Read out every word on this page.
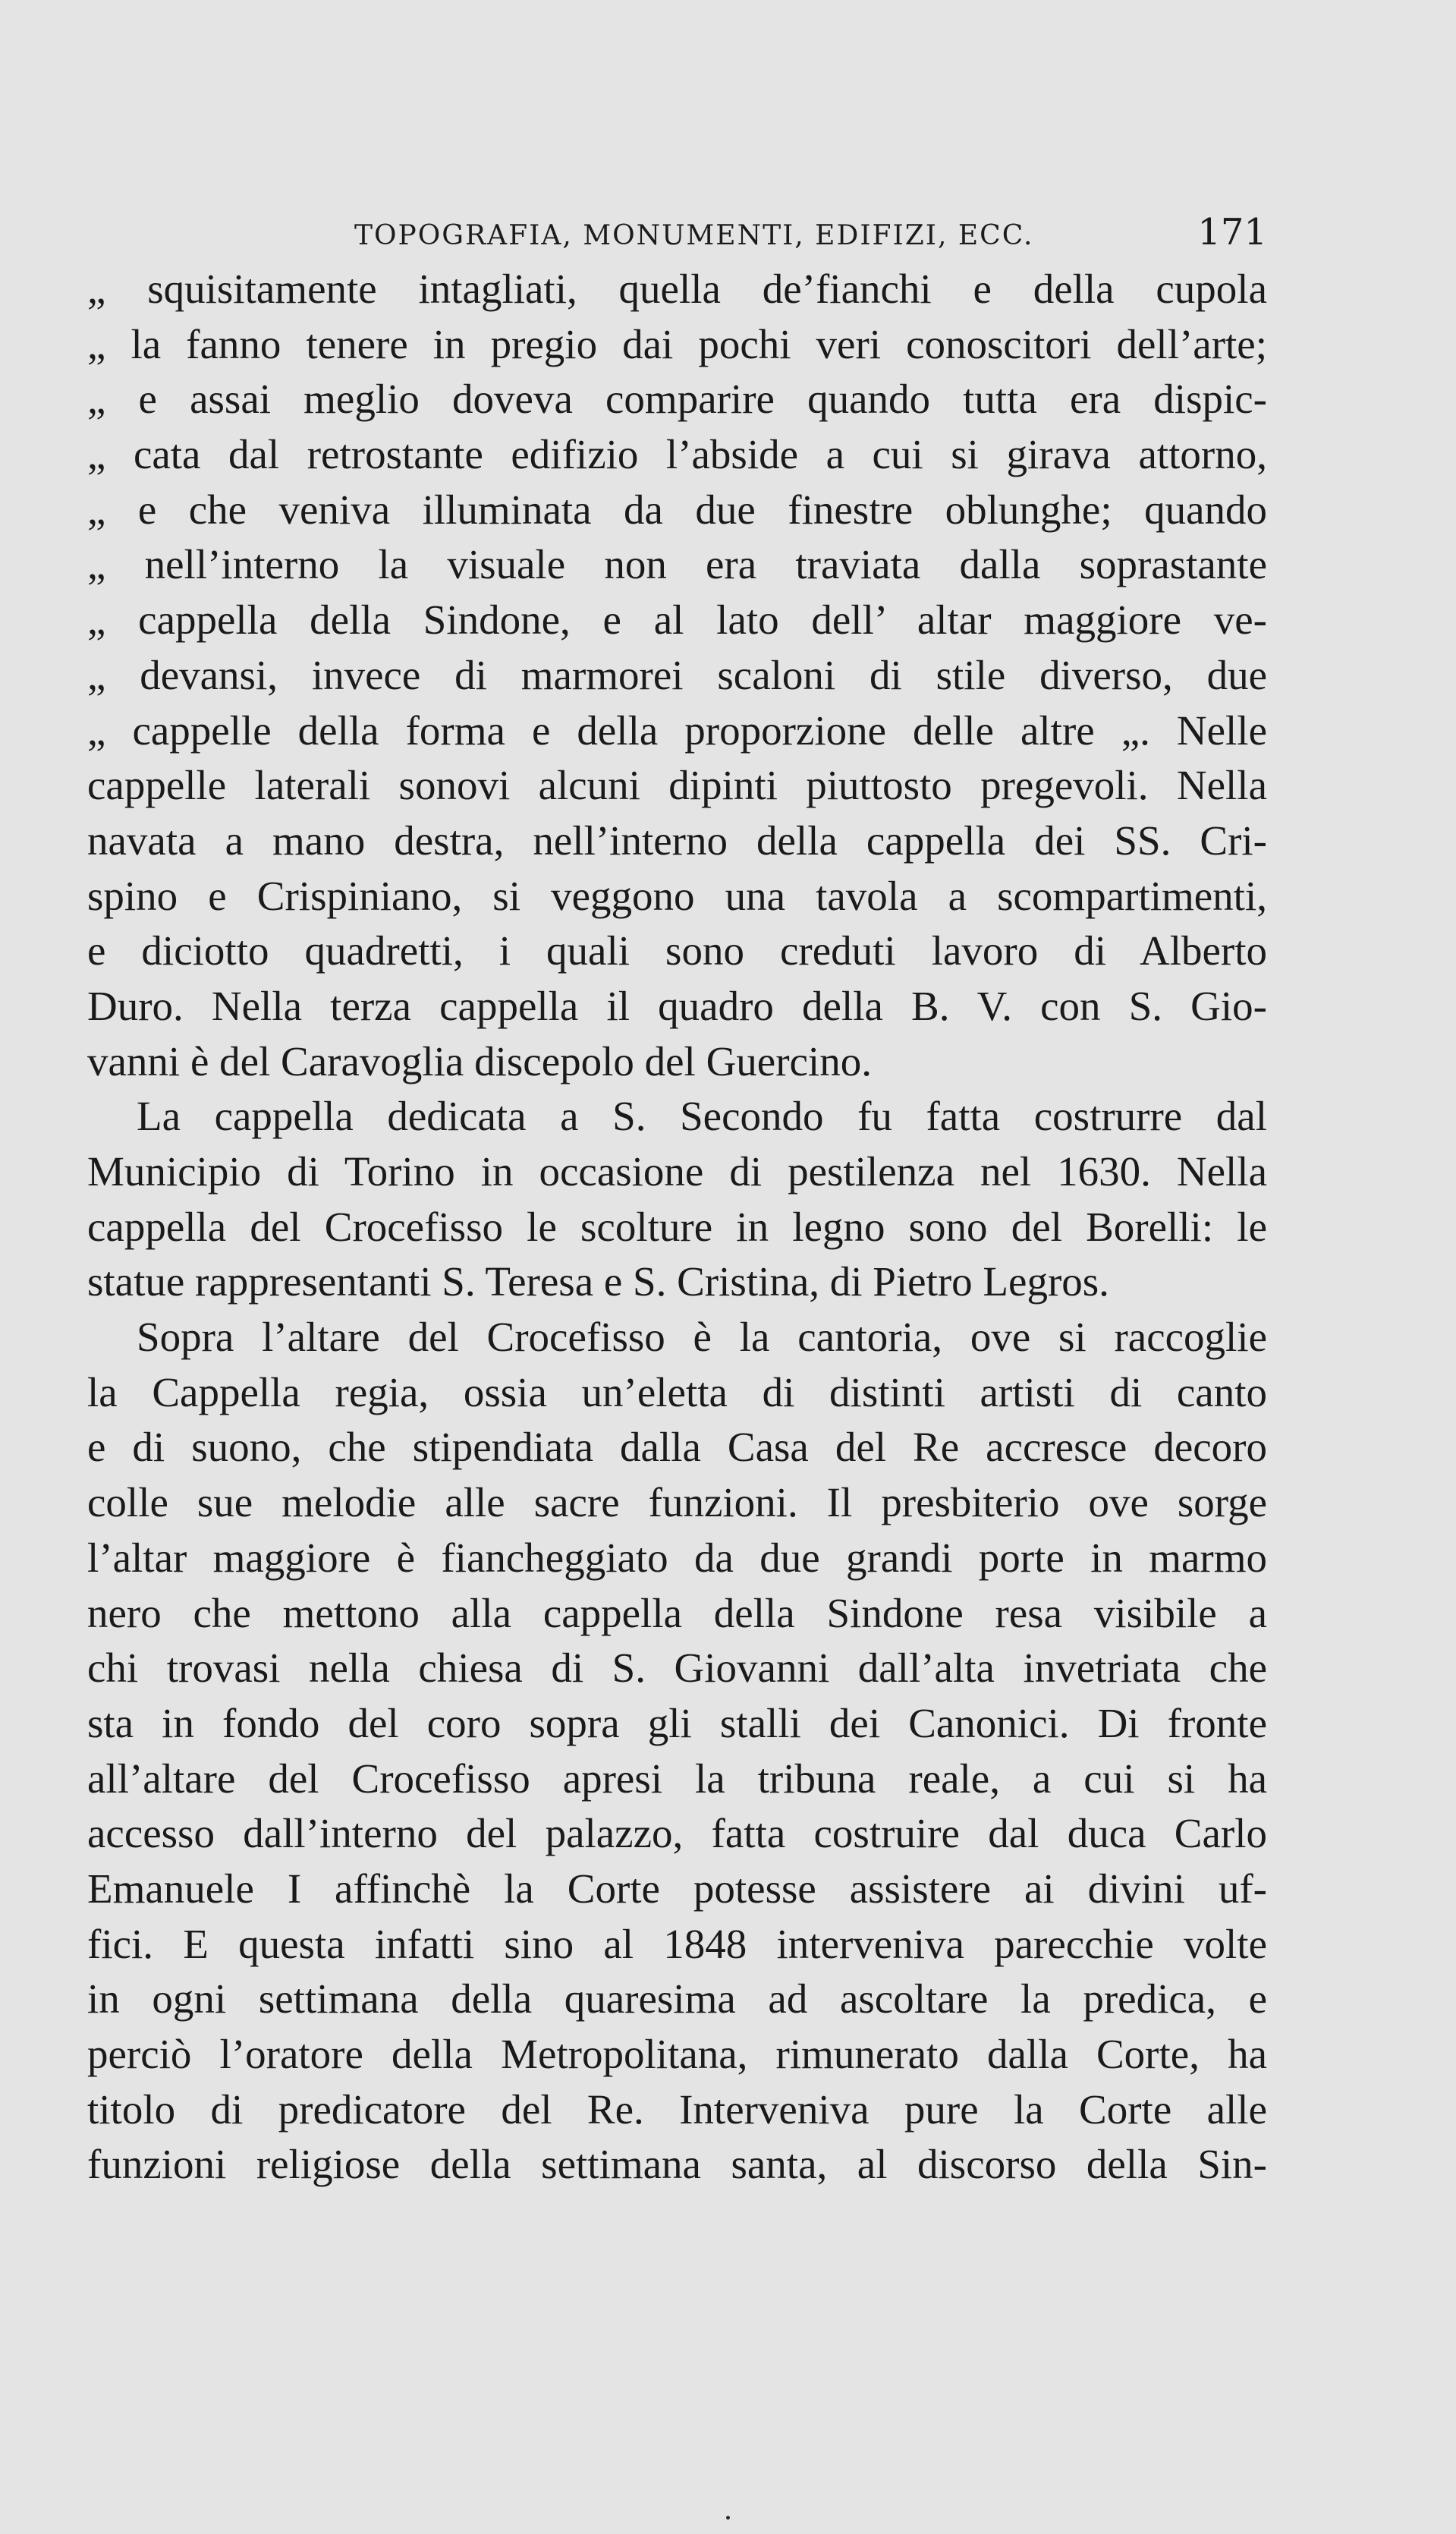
TOPOGRAFIA, MONUMENTI, EDIFIZI, ECC.	171
„ squisitamente intagliati, quella de’fianchi e della cupola
„ la fanno tenere in pregio dai pochi veri conoscitori dell’arte;
„ e assai meglio doveva comparire quando tutta era dispic-
„ cata dal retrostante edifizio l’abside a cui si girava attorno,
„ e che veniva illuminata da due finestre oblunghe; quando
„ nell’interno la visuale non era traviata dalla soprastante
„ cappella della Sindone, e al lato dell’ altar maggiore ve-
„ devansi, invece di marmorei scaloni di stile diverso, due
„ cappelle della forma e della proporzione delle altre „. Nelle
cappelle laterali sonovi alcuni dipinti piuttosto pregevoli. Nella
navata a mano destra, nell’interno della cappella dei SS. Cri-
spino e Crispiniano, si veggono una tavola a scompartimenti,
e diciotto quadretti, i quali sono creduti lavoro di Alberto
Duro. Nella terza cappella il quadro della B. V. con S. Gio-
vanni è del Caravoglia discepolo del Guercino.
La cappella dedicata a S. Secondo fu fatta costrurre dal
Municipio di Torino in occasione di pestilenza nel 1630. Nella
cappella del Crocefisso le scolture in legno sono del Borelli: le
statue rappresentanti S. Teresa e S. Cristina, di Pietro Legros.
Sopra l’altare del Crocefisso è la cantoria, ove si raccoglie
la Cappella regia, ossia un’eletta di distinti artisti di canto
e di suono, che stipendiata dalla Casa del Re accresce decoro
colle sue melodie alle sacre funzioni. Il presbiterio ove sorge
l’altar maggiore è fiancheggiato da due grandi porte in marmo
nero che mettono alla cappella della Sindone resa visibile a
chi trovasi nella chiesa di S. Giovanni dall’alta invetriata che
sta in fondo del coro sopra gli stalli dei Canonici. Di fronte
all’altare del Crocefisso apresi la tribuna reale, a cui si ha
accesso dall’interno del palazzo, fatta costruire dal duca Carlo
Emanuele I affinchè la Corte potesse assistere ai divini uf-
fici. E questa infatti sino al 1848 interveniva parecchie volte
in ogni settimana della quaresima ad ascoltare la predica, e
perciò l’oratore della Metropolitana, rimunerato dalla Corte, ha
titolo di predicatore del Re. Interveniva pure la Corte alle
funzioni religiose della settimana santa, al discorso della Sin-
